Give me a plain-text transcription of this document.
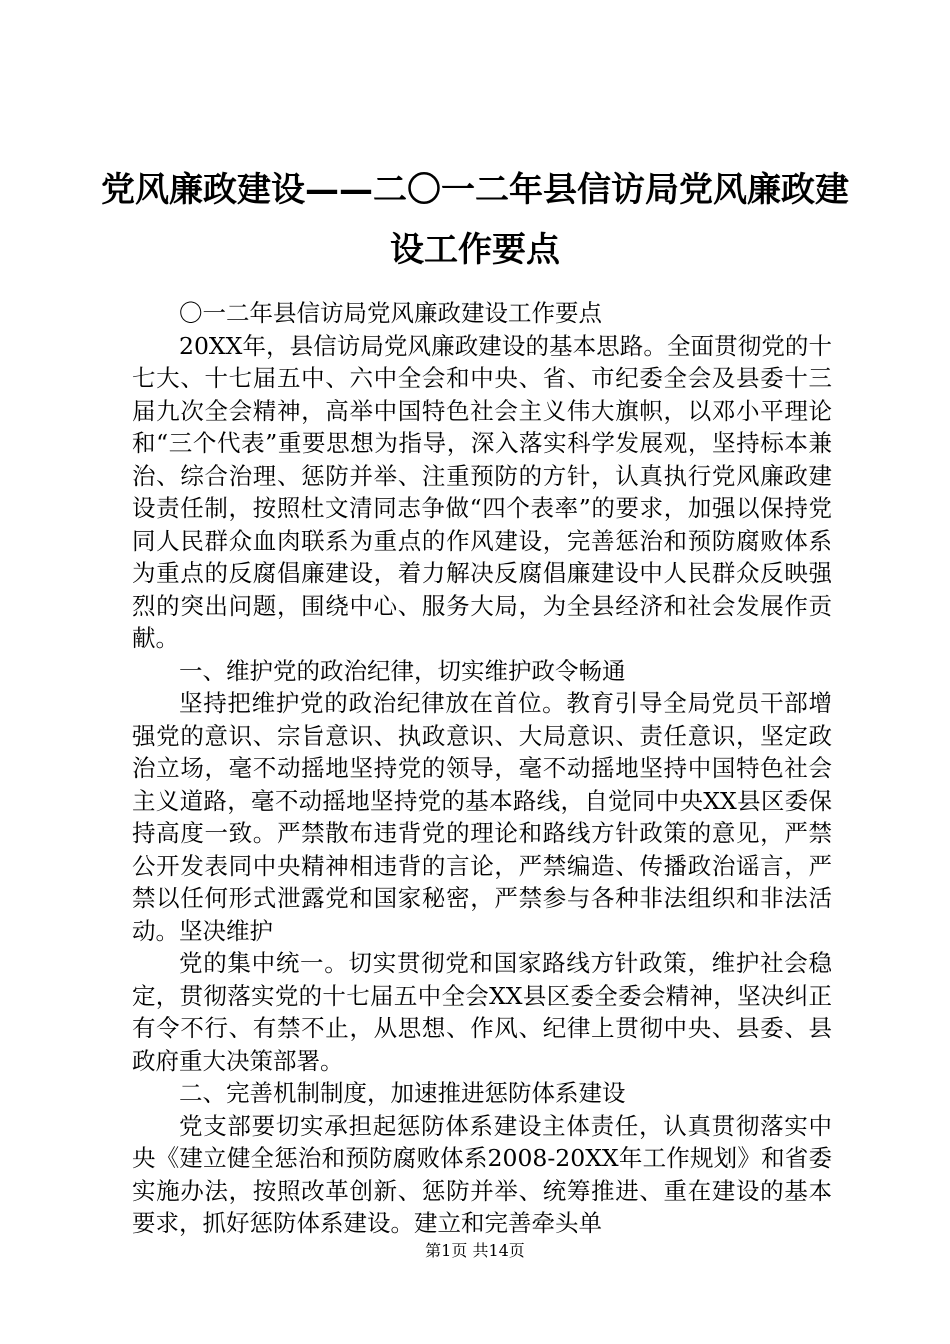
党风廉政建设——二〇一二年县信访局党风廉政建设工作要点

〇一二年县信访局党风廉政建设工作要点

20XX年，县信访局党风廉政建设的基本思路。全面贯彻党的十七大、十七届五中、六中全会和中央、省、市纪委全会及县委十三届九次全会精神，高举中国特色社会主义伟大旗帜，以邓小平理论和“三个代表”重要思想为指导，深入落实科学发展观，坚持标本兼治、综合治理、惩防并举、注重预防的方针，认真执行党风廉政建设责任制，按照杜文清同志争做“四个表率”的要求，加强以保持党同人民群众血肉联系为重点的作风建设，完善惩治和预防腐败体系为重点的反腐倡廉建设，着力解决反腐倡廉建设中人民群众反映强烈的突出问题，围绕中心、服务大局，为全县经济和社会发展作贡献。

一、维护党的政治纪律，切实维护政令畅通

坚持把维护党的政治纪律放在首位。教育引导全局党员干部增强党的意识、宗旨意识、执政意识、大局意识、责任意识，坚定政治立场，毫不动摇地坚持党的领导，毫不动摇地坚持中国特色社会主义道路，毫不动摇地坚持党的基本路线，自觉同中央XX县区委保持高度一致。严禁散布违背党的理论和路线方针政策的意见，严禁公开发表同中央精神相违背的言论，严禁编造、传播政治谣言，严禁以任何形式泄露党和国家秘密，严禁参与各种非法组织和非法活动。坚决维护

党的集中统一。切实贯彻党和国家路线方针政策，维护社会稳定，贯彻落实党的十七届五中全会XX县区委全委会精神，坚决纠正有令不行、有禁不止，从思想、作风、纪律上贯彻中央、县委、县政府重大决策部署。

二、完善机制制度，加速推进惩防体系建设

党支部要切实承担起惩防体系建设主体责任，认真贯彻落实中央《建立健全惩治和预防腐败体系2008-20XX年工作规划》和省委实施办法，按照改革创新、惩防并举、统筹推进、重在建设的基本要求，抓好惩防体系建设。建立和完善牵头单

第1页 共14页
